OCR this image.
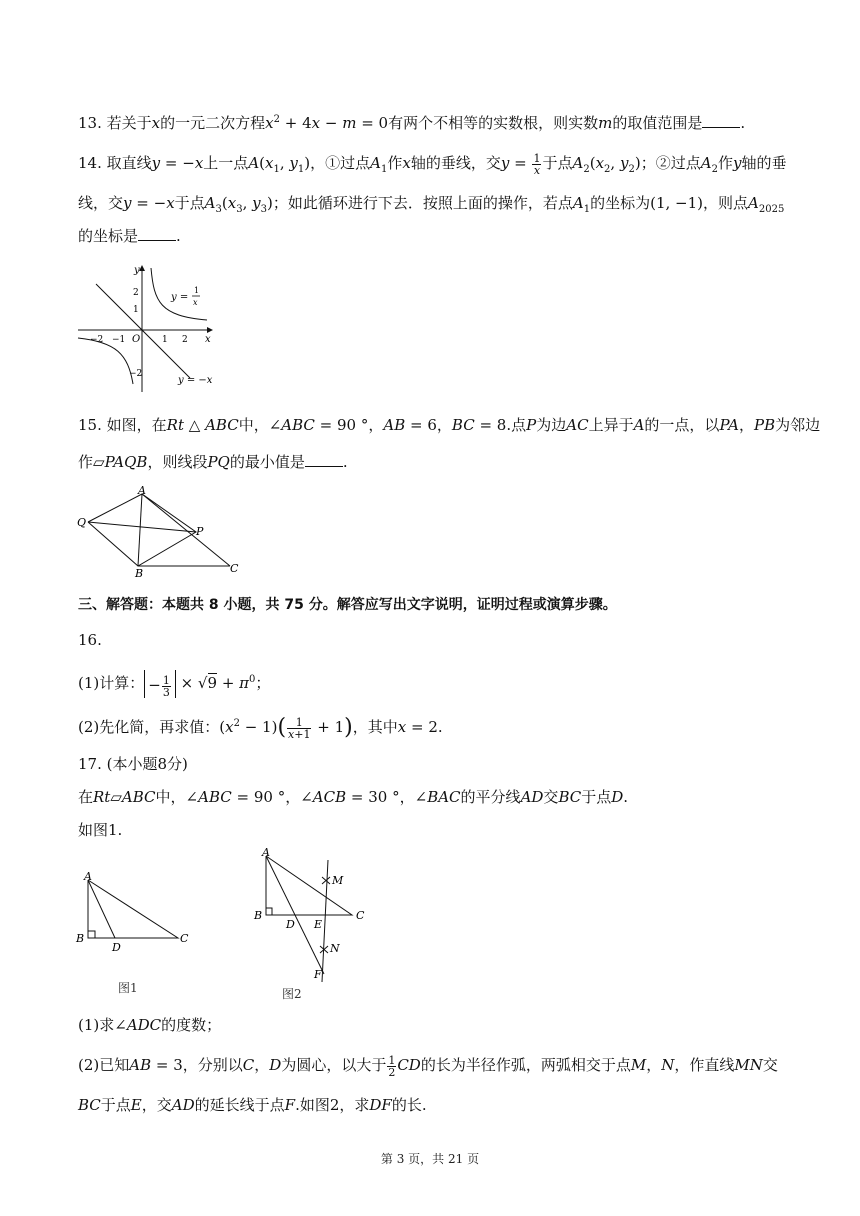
13. 若关于x的一元二次方程$x^2 + 4x - m = 0$有两个不相等的实数根，则实数m的取值范围是	.
14. 取直线y = −x上一点$A(x_1$, $y_1$)，①过点$A_1$作x轴的垂线，交$y = \frac{1}{x}$ 于点$A_2(x_2$, $y_2$)；②过点$A_2$作y轴的垂
线，交y = −x于点$A_3(x_3$, $y_3$)；如此循环进行下去．按照上面的操作，若点$A_1$的坐标为(1, −1)，则点$A_{2025}$
的坐标是	.
y
x
O
2
1
1 2
−1
−2
−2
y =
1
x
y = −x
15. 如图，在Rt △ ABC中，∠ABC = 90 °，AB = 6，BC = 8.点P为边AC上异于A的一点，以PA，PB为邻边
作▱PAQB，则线段PQ的最小值是	.
A
Q
P
B	C
三、解答题：本题共 8 小题，共 75 分。解答应写出文字说明，证明过程或演算步骤。
16.
(1)计算： − $\frac{1}{3} \times √9 + \pi^0$；
(2)先化简，再求值：$(x^2 - 1)( \frac{1}{x+1} + 1)$，其中x = 2.
17. (本小题8分)
在Rt▱ABC中，∠ABC = 90 °，∠ACB = 30 °，∠BAC的平分线AD交BC于点D.
如图1.
A
B
D
C
图1
A
B
D E
C
M
N
F
图2
(1)求∠ADC的度数；
(2)已知AB = 3，分别以C，D为圆心，以大于 $\frac{1}{2}$ CD的长为半径作弧，两弧相交于点M，N，作直线MN交
BC于点E，交AD的延长线于点F.如图2，求DF的长.
第 3 页，共 21 页
